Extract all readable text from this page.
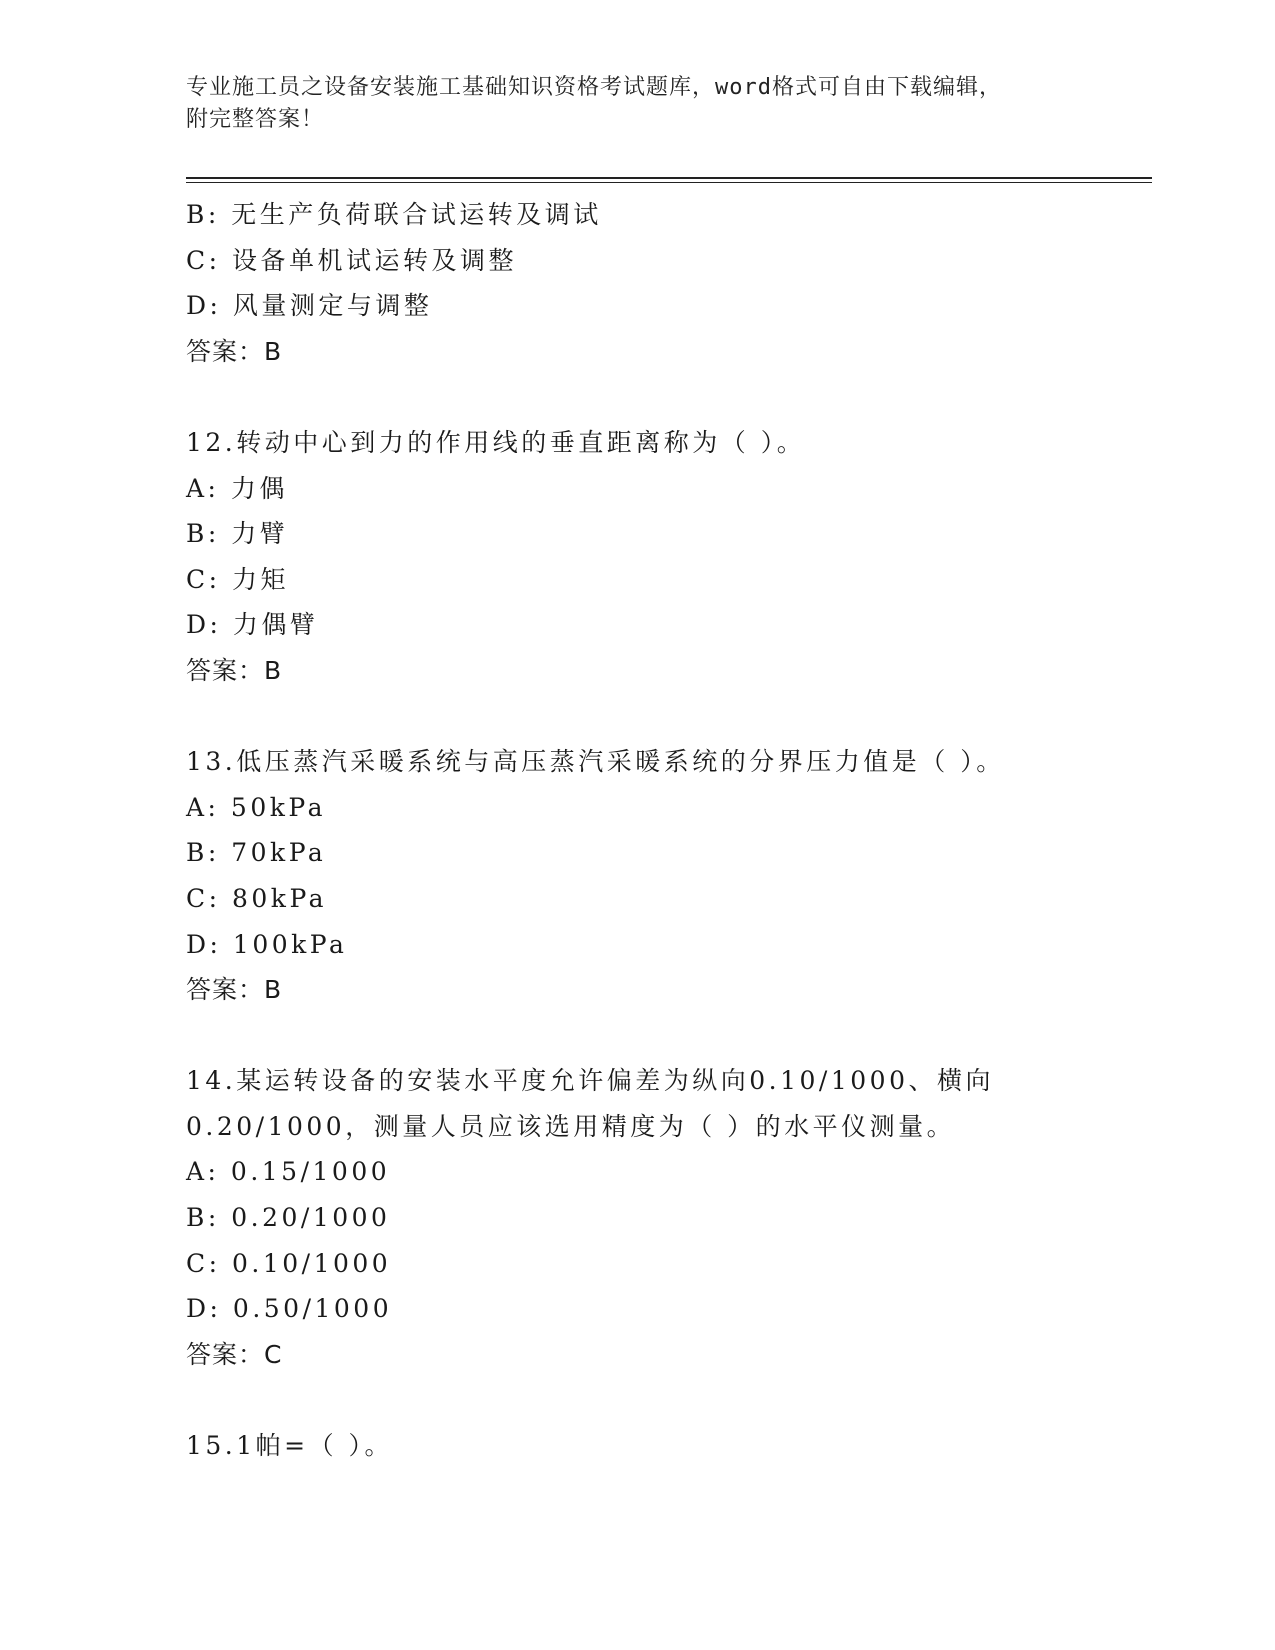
专业施工员之设备安装施工基础知识资格考试题库，word格式可自由下载编辑，
附完整答案！
B: 无生产负荷联合试运转及调试
C: 设备单机试运转及调整
D: 风量测定与调整
答案：B
12.转动中心到力的作用线的垂直距离称为（ ）。
A: 力偶
B: 力臂
C: 力矩
D: 力偶臂
答案：B
13.低压蒸汽采暖系统与高压蒸汽采暖系统的分界压力值是（ ）。
A: 50kPa
B: 70kPa
C: 80kPa
D: 100kPa
答案：B
14.某运转设备的安装水平度允许偏差为纵向0.10/1000、横向
0.20/1000，测量人员应该选用精度为（ ）的水平仪测量。
A: 0.15/1000
B: 0.20/1000
C: 0.10/1000
D: 0.50/1000
答案：C
15.1帕=（ ）。
